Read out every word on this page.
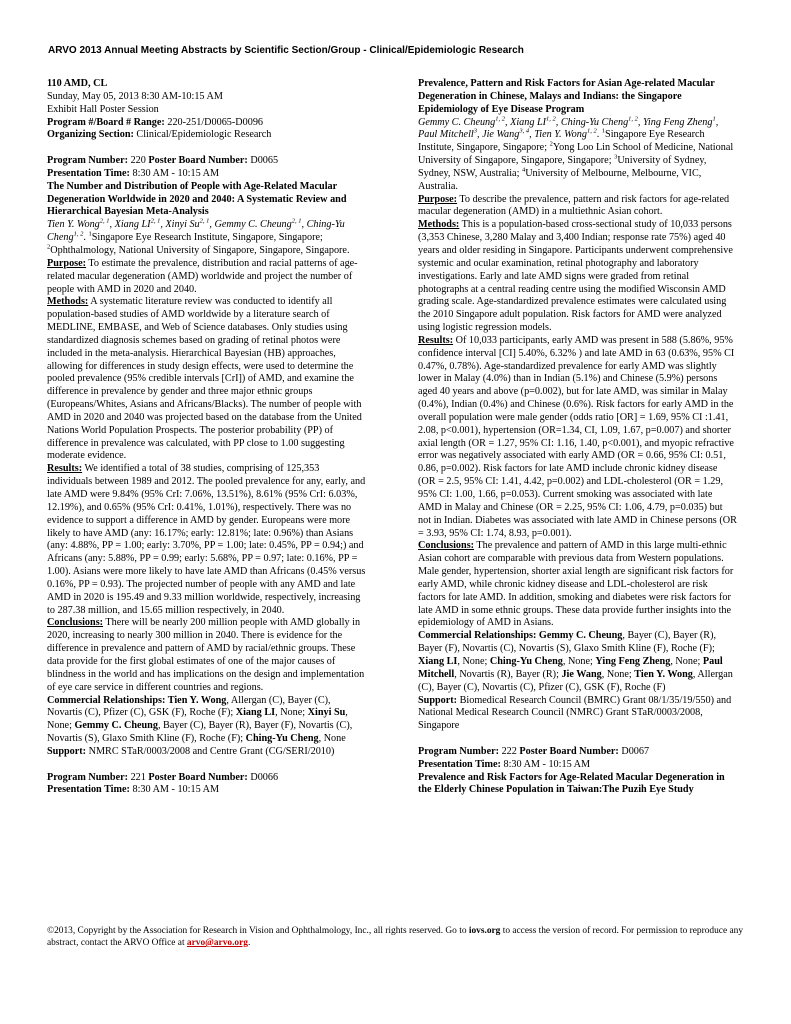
ARVO 2013 Annual Meeting Abstracts by Scientific Section/Group - Clinical/Epidemiologic Research
110 AMD, CL
Sunday, May 05, 2013 8:30 AM-10:15 AM
Exhibit Hall Poster Session
Program #/Board # Range: 220-251/D0065-D0096
Organizing Section: Clinical/Epidemiologic Research
Program Number: 220 Poster Board Number: D0065
Presentation Time: 8:30 AM - 10:15 AM
The Number and Distribution of People with Age-Related Macular Degeneration Worldwide in 2020 and 2040: A Systematic Review and Hierarchical Bayesian Meta-Analysis
Tien Y. Wong$^{2, 1}$, Xiang LI$^{2, 1}$, Xinyi Su$^{2, 1}$, Gemmy C. Cheung$^{2, 1}$, Ching-Yu Cheng$^{1, 2}$. $^1$Singapore Eye Research Institute, Singapore, Singapore; $^2$Ophthalmology, National University of Singapore, Singapore, Singapore.
Purpose: To estimate the prevalence, distribution and racial patterns of age-related macular degeneration (AMD) worldwide and project the number of people with AMD in 2020 and 2040.
Methods: A systematic literature review was conducted to identify all population-based studies of AMD worldwide by a literature search of MEDLINE, EMBASE, and Web of Science databases. Only studies using standardized diagnosis schemes based on grading of retinal photos were included in the meta-analysis. Hierarchical Bayesian (HB) approaches, allowing for differences in study design effects, were used to determine the pooled prevalence (95% credible intervals [CrI]) of AMD, and examine the difference in prevalence by gender and three major ethnic groups (Europeans/Whites, Asians and Africans/Blacks). The number of people with AMD in 2020 and 2040 was projected based on the database from the United Nations World Population Prospects. The posterior probability (PP) of difference in prevalence was calculated, with PP close to 1.00 suggesting moderate evidence.
Results: We identified a total of 38 studies, comprising of 125,353 individuals between 1989 and 2012. The pooled prevalence for any, early, and late AMD were 9.84% (95% CrI: 7.06%, 13.51%), 8.61% (95% CrI: 6.03%, 12.19%), and 0.65% (95% CrI: 0.41%, 1.01%), respectively. There was no evidence to support a difference in AMD by gender. Europeans were more likely to have AMD (any: 16.17%; early: 12.81%; late: 0.96%) than Asians (any: 4.88%, PP = 1.00; early: 3.70%, PP = 1.00; late: 0.45%, PP = 0.94;) and Africans (any: 5.88%, PP = 0.99; early: 5.68%, PP = 0.97; late: 0.16%, PP = 1.00). Asians were more likely to have late AMD than Africans (0.45% versus 0.16%, PP = 0.93). The projected number of people with any AMD and late AMD in 2020 is 195.49 and 9.33 million worldwide, respectively, increasing to 287.38 million, and 15.65 million respectively, in 2040.
Conclusions: There will be nearly 200 million people with AMD globally in 2020, increasing to nearly 300 million in 2040. There is evidence for the difference in prevalence and pattern of AMD by racial/ethnic groups. These data provide for the first global estimates of one of the major causes of blindness in the world and has implications on the design and implementation of eye care service in different countries and regions.
Commercial Relationships: Tien Y. Wong, Allergan (C), Bayer (C), Novartis (C), Pfizer (C), GSK (F), Roche (F); Xiang LI, None; Xinyi Su, None; Gemmy C. Cheung, Bayer (C), Bayer (R), Bayer (F), Novartis (C), Novartis (S), Glaxo Smith Kline (F), Roche (F); Ching-Yu Cheng, None
Support: NMRC STaR/0003/2008 and Centre Grant (CG/SERI/2010)
Program Number: 221 Poster Board Number: D0066
Presentation Time: 8:30 AM - 10:15 AM
Prevalence, Pattern and Risk Factors for Asian Age-related Macular Degeneration in Chinese, Malays and Indians: the Singapore Epidemiology of Eye Disease Program
Gemmy C. Cheung$^{1, 2}$, Xiang LI$^{1, 2}$, Ching-Yu Cheng$^{1, 2}$, Ying Feng Zheng$^1$, Paul Mitchell$^3$, Jie Wang$^{3, 4}$, Tien Y. Wong$^{1, 2}$. $^1$Singapore Eye Research Institute, Singapore, Singapore; $^2$Yong Loo Lin School of Medicine, National University of Singapore, Singapore, Singapore; $^3$University of Sydney, Sydney, NSW, Australia; $^4$University of Melbourne, Melbourne, VIC, Australia.
Purpose: To describe the prevalence, pattern and risk factors for age-related macular degeneration (AMD) in a multiethnic Asian cohort.
Methods: This is a population-based cross-sectional study of 10,033 persons (3,353 Chinese, 3,280 Malay and 3,400 Indian; response rate 75%) aged 40 years and older residing in Singapore. Participants underwent comprehensive systemic and ocular examination, retinal photography and laboratory investigations. Early and late AMD signs were graded from retinal photographs at a central reading centre using the modified Wisconsin AMD grading scale. Age-standardized prevalence estimates were calculated using the 2010 Singapore adult population. Risk factors for AMD were analyzed using logistic regression models.
Results: Of 10,033 participants, early AMD was present in 588 (5.86%, 95% confidence interval [CI] 5.40%, 6.32% ) and late AMD in 63 (0.63%, 95% CI 0.47%, 0.78%). Age-standardized prevalence for early AMD was slightly lower in Malay (4.0%) than in Indian (5.1%) and Chinese (5.9%) persons aged 40 years and above (p=0.002), but for late AMD, was similar in Malay (0.4%), Indian (0.4%) and Chinese (0.6%). Risk factors for early AMD in the overall population were male gender (odds ratio [OR] = 1.69, 95% CI :1.41, 2.08, p<0.001), hypertension (OR=1.34, CI, 1.09, 1.67, p=0.007) and shorter axial length (OR = 1.27, 95% CI: 1.16, 1.40, p<0.001), and myopic refractive error was negatively associated with early AMD (OR = 0.66, 95% CI: 0.51, 0.86, p=0.002). Risk factors for late AMD include chronic kidney disease (OR = 2.5, 95% CI: 1.41, 4.42, p=0.002) and LDL-cholesterol (OR = 1.29, 95% CI: 1.00, 1.66, p=0.053). Current smoking was associated with late AMD in Malay and Chinese (OR = 2.25, 95% CI: 1.06, 4.79, p=0.035) but not in Indian. Diabetes was associated with late AMD in Chinese persons (OR = 3.93, 95% CI: 1.74, 8.93, p=0.001).
Conclusions: The prevalence and pattern of AMD in this large multi-ethnic Asian cohort are comparable with previous data from Western populations. Male gender, hypertension, shorter axial length are significant risk factors for early AMD, while chronic kidney disease and LDL-cholesterol are risk factors for late AMD. In addition, smoking and diabetes were risk factors for late AMD in some ethnic groups. These data provide further insights into the epidemiology of AMD in Asians.
Commercial Relationships: Gemmy C. Cheung, Bayer (C), Bayer (R), Bayer (F), Novartis (C), Novartis (S), Glaxo Smith Kline (F), Roche (F); Xiang LI, None; Ching-Yu Cheng, None; Ying Feng Zheng, None; Paul Mitchell, Novartis (R), Bayer (R); Jie Wang, None; Tien Y. Wong, Allergan (C), Bayer (C), Novartis (C), Pfizer (C), GSK (F), Roche (F)
Support: Biomedical Research Council (BMRC) Grant 08/1/35/19/550) and National Medical Research Council (NMRC) Grant STaR/0003/2008, Singapore
Program Number: 222 Poster Board Number: D0067
Presentation Time: 8:30 AM - 10:15 AM
Prevalence and Risk Factors for Age-Related Macular Degeneration in the Elderly Chinese Population in Taiwan:The Puzih Eye Study
©2013, Copyright by the Association for Research in Vision and Ophthalmology, Inc., all rights reserved. Go to iovs.org to access the version of record. For permission to reproduce any abstract, contact the ARVO Office at arvo@arvo.org.
